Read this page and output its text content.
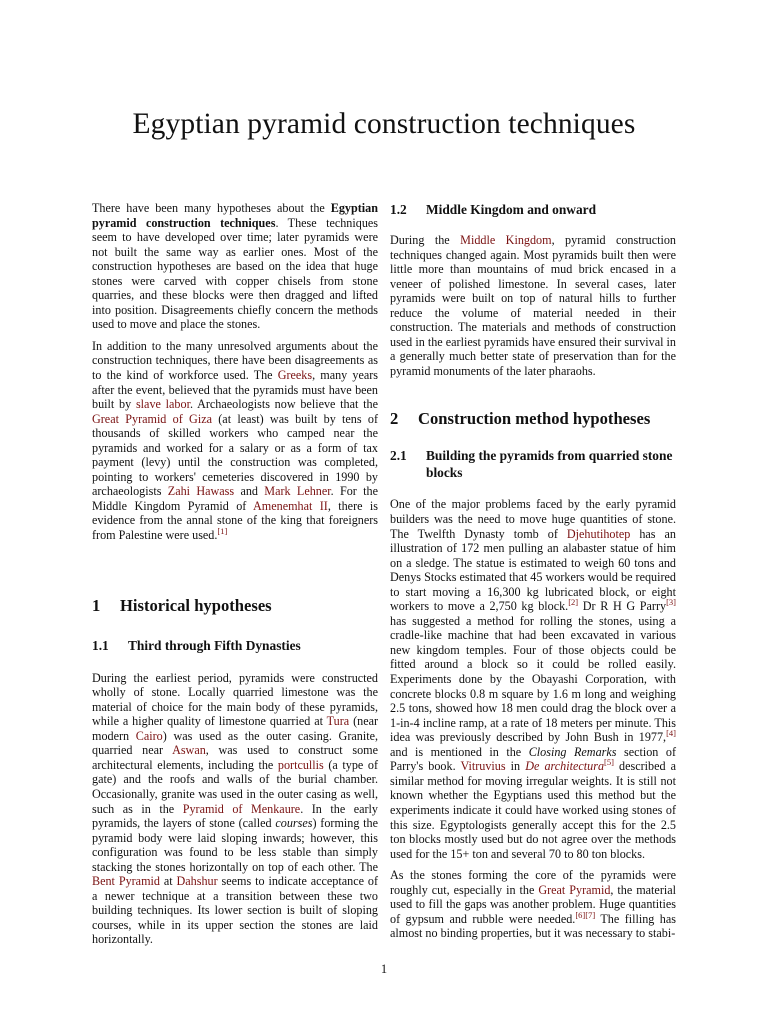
Egyptian pyramid construction techniques

There have been many hypotheses about the Egyptian pyramid construction techniques. These techniques seem to have developed over time; later pyramids were not built the same way as earlier ones. Most of the construction hypotheses are based on the idea that huge stones were carved with copper chisels from stone quarries, and these blocks were then dragged and lifted into position. Disagreements chiefly concern the methods used to move and place the stones.

In addition to the many unresolved arguments about the construction techniques, there have been disagreements as to the kind of workforce used. The Greeks, many years after the event, believed that the pyramids must have been built by slave labor. Archaeologists now believe that the Great Pyramid of Giza (at least) was built by tens of thousands of skilled workers who camped near the pyramids and worked for a salary or as a form of tax payment (levy) until the construction was completed, pointing to workers' cemeteries discovered in 1990 by archaeologists Zahi Hawass and Mark Lehner. For the Middle Kingdom Pyramid of Amenemhat II, there is evidence from the annal stone of the king that foreigners from Palestine were used.[1]

1	Historical hypotheses
1.1	Third through Fifth Dynasties

During the earliest period, pyramids were constructed wholly of stone. Locally quarried limestone was the material of choice for the main body of these pyramids, while a higher quality of limestone quarried at Tura (near modern Cairo) was used as the outer casing. Granite, quarried near Aswan, was used to construct some architectural elements, including the portcullis (a type of gate) and the roofs and walls of the burial chamber. Occasionally, granite was used in the outer casing as well, such as in the Pyramid of Menkaure. In the early pyramids, the layers of stone (called courses) forming the pyramid body were laid sloping inwards; however, this configuration was found to be less stable than simply stacking the stones horizontally on top of each other. The Bent Pyramid at Dahshur seems to indicate acceptance of a newer technique at a transition between these two building techniques. Its lower section is built of sloping courses, while in its upper section the stones are laid horizontally.

1.2	Middle Kingdom and onward

During the Middle Kingdom, pyramid construction techniques changed again. Most pyramids built then were little more than mountains of mud brick encased in a veneer of polished limestone. In several cases, later pyramids were built on top of natural hills to further reduce the volume of material needed in their construction. The materials and methods of construction used in the earliest pyramids have ensured their survival in a generally much better state of preservation than for the pyramid monuments of the later pharaohs.

2	Construction method hypotheses
2.1	Building the pyramids from quarried stone blocks

One of the major problems faced by the early pyramid builders was the need to move huge quantities of stone. The Twelfth Dynasty tomb of Djehutihotep has an illustration of 172 men pulling an alabaster statue of him on a sledge. The statue is estimated to weigh 60 tons and Denys Stocks estimated that 45 workers would be required to start moving a 16,300 kg lubricated block, or eight workers to move a 2,750 kg block.[2] Dr R H G Parry[3] has suggested a method for rolling the stones, using a cradle-like machine that had been excavated in various new kingdom temples. Four of those objects could be fitted around a block so it could be rolled easily. Experiments done by the Obayashi Corporation, with concrete blocks 0.8 m square by 1.6 m long and weighing 2.5 tons, showed how 18 men could drag the block over a 1-in-4 incline ramp, at a rate of 18 meters per minute. This idea was previously described by John Bush in 1977,[4] and is mentioned in the Closing Remarks section of Parry's book. Vitruvius in De architectura[5] described a similar method for moving irregular weights. It is still not known whether the Egyptians used this method but the experiments indicate it could have worked using stones of this size. Egyptologists generally accept this for the 2.5 ton blocks mostly used but do not agree over the methods used for the 15+ ton and several 70 to 80 ton blocks.

As the stones forming the core of the pyramids were roughly cut, especially in the Great Pyramid, the material used to fill the gaps was another problem. Huge quantities of gypsum and rubble were needed.[6][7] The filling has almost no binding properties, but it was necessary to stabi-

1
